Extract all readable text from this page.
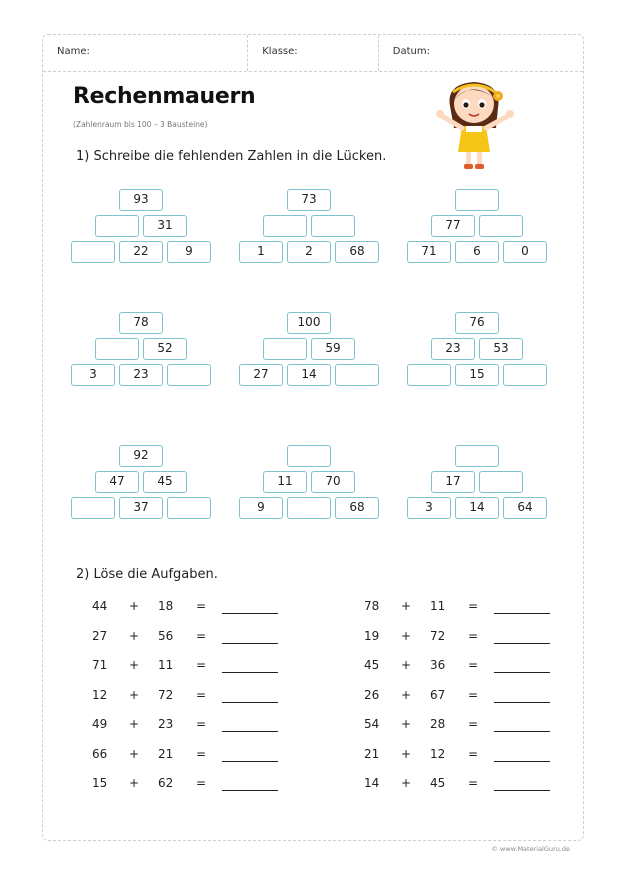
Name:	Klasse:	Datum:
Rechenmauern
(Zahlenraum bis 100 – 3 Bausteine)
1) Schreibe die fehlenden Zahlen in die Lücken.
2) Löse die Aufgaben.
93
31
22	9
73
1	2	68
77
71	6	0
78
52
3	23
100
59
27	14
76
23	53
15
92
47	45
37
11	70
9	68
17
3	14	64
44 + 18 =
27 + 56 =
71 + 11 =
12 + 72 =
49 + 23 =
66 + 21 =
15 + 62 =
78 + 11 =
19 + 72 =
45 + 36 =
26 + 67 =
54 + 28 =
21 + 12 =
14 + 45 =
© www.MaterialGuru.de
